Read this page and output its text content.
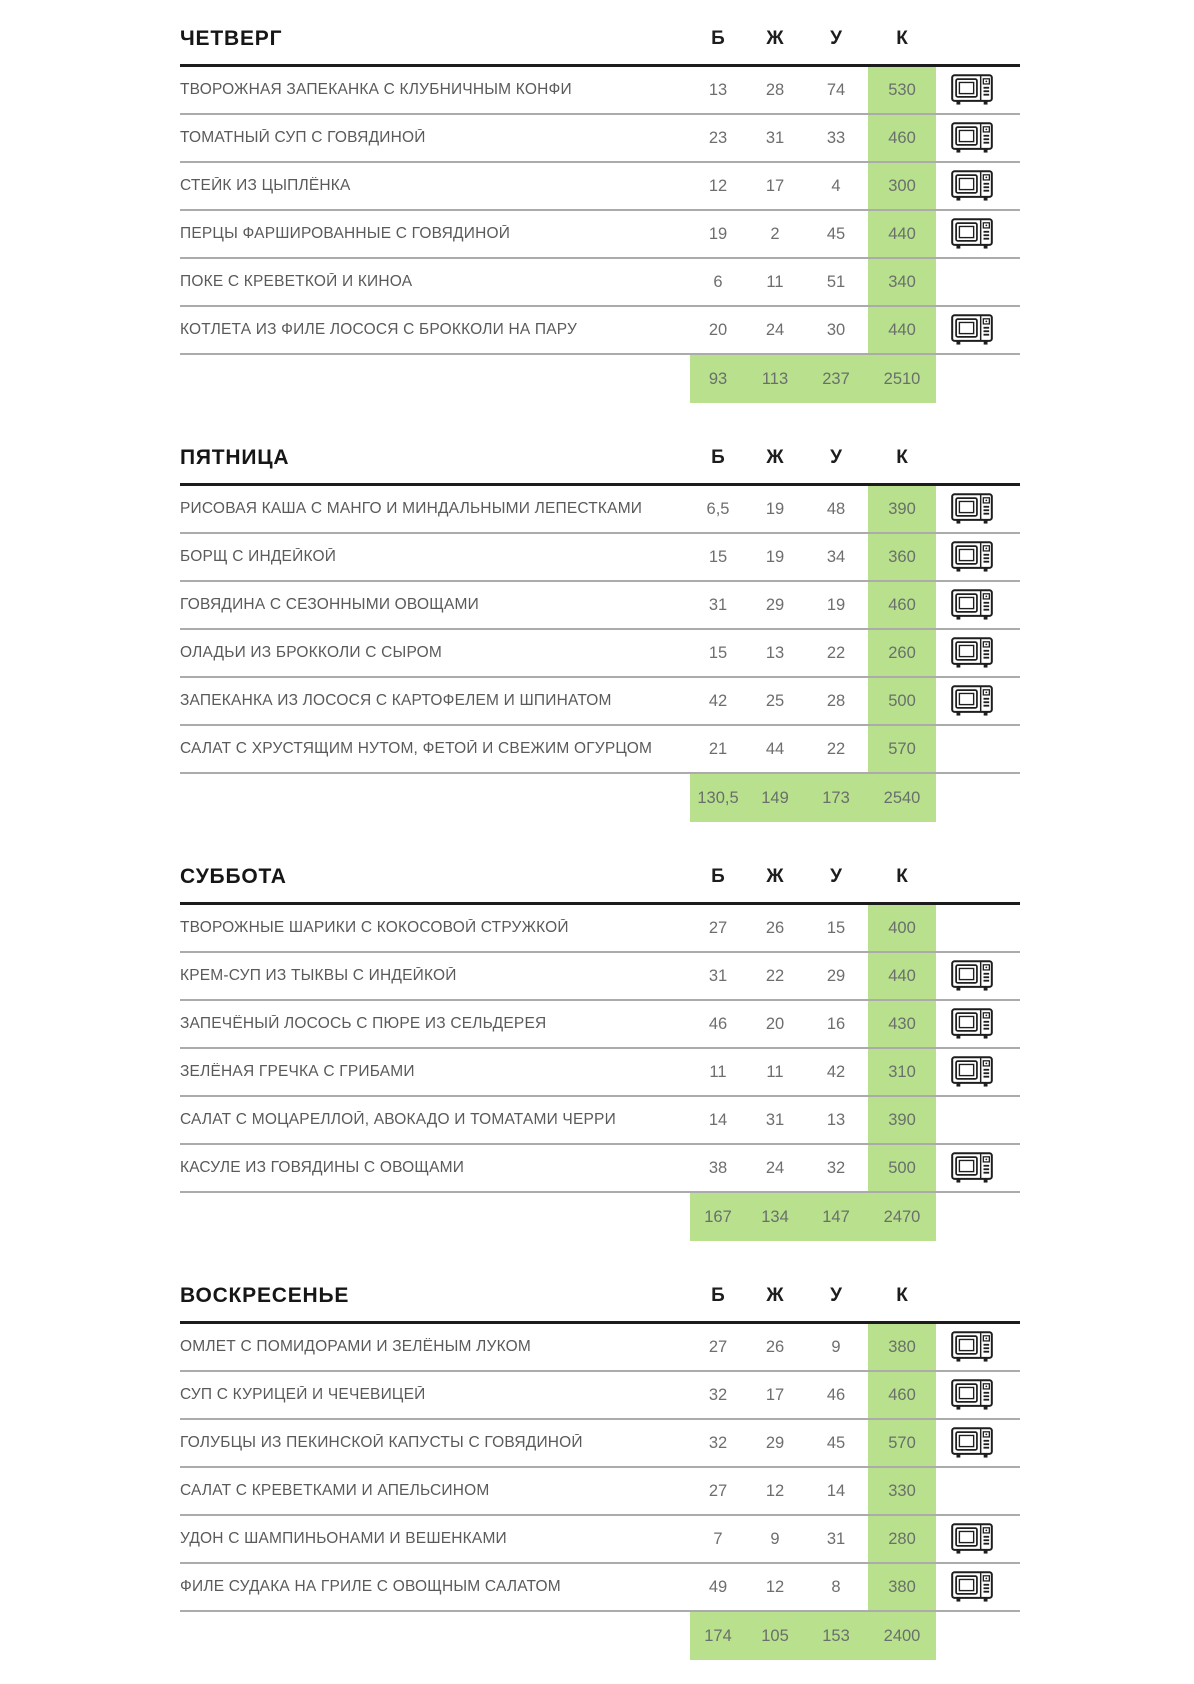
ЧЕТВЕРГ	Б	Ж	У	К
ТВОРОЖНАЯ ЗАПЕКАНКА С КЛУБНИЧНЫМ КОНФИ	13	28	74	530
ТОМАТНЫЙ СУП С ГОВЯДИНОЙ	23	31	33	460
СТЕЙК ИЗ ЦЫПЛЁНКА	12	17	4	300
ПЕРЦЫ ФАРШИРОВАННЫЕ С ГОВЯДИНОЙ	19	2	45	440
ПОКЕ С КРЕВЕТКОЙ И КИНОА	6	11	51	340
КОТЛЕТА ИЗ ФИЛЕ ЛОСОСЯ С БРОККОЛИ НА ПАРУ	20	24	30	440
93	113	237	2510
ПЯТНИЦА	Б	Ж	У	К
РИСОВАЯ КАША С МАНГО И МИНДАЛЬНЫМИ ЛЕПЕСТКАМИ	6,5	19	48	390
БОРЩ С ИНДЕЙКОЙ	15	19	34	360
ГОВЯДИНА С СЕЗОННЫМИ ОВОЩАМИ	31	29	19	460
ОЛАДЬИ ИЗ БРОККОЛИ С СЫРОМ	15	13	22	260
ЗАПЕКАНКА ИЗ ЛОСОСЯ С КАРТОФЕЛЕМ И ШПИНАТОМ	42	25	28	500
САЛАТ С ХРУСТЯЩИМ НУТОМ, ФЕТОЙ И СВЕЖИМ ОГУРЦОМ	21	44	22	570
130,5	149	173	2540
СУББОТА	Б	Ж	У	К
ТВОРОЖНЫЕ ШАРИКИ С КОКОСОВОЙ СТРУЖКОЙ	27	26	15	400
КРЕМ-СУП ИЗ ТЫКВЫ С ИНДЕЙКОЙ	31	22	29	440
ЗАПЕЧЁНЫЙ ЛОСОСЬ С ПЮРЕ ИЗ СЕЛЬДЕРЕЯ	46	20	16	430
ЗЕЛЁНАЯ ГРЕЧКА С ГРИБАМИ	11	11	42	310
САЛАТ С МОЦАРЕЛЛОЙ, АВОКАДО И ТОМАТАМИ ЧЕРРИ	14	31	13	390
КАСУЛЕ ИЗ ГОВЯДИНЫ С ОВОЩАМИ	38	24	32	500
167	134	147	2470
ВОСКРЕСЕНЬЕ	Б	Ж	У	К
ОМЛЕТ С ПОМИДОРАМИ И ЗЕЛЁНЫМ ЛУКОМ	27	26	9	380
СУП С КУРИЦЕЙ И ЧЕЧЕВИЦЕЙ	32	17	46	460
ГОЛУБЦЫ ИЗ ПЕКИНСКОЙ КАПУСТЫ С ГОВЯДИНОЙ	32	29	45	570
САЛАТ С КРЕВЕТКАМИ И АПЕЛЬСИНОМ	27	12	14	330
УДОН С ШАМПИНЬОНАМИ И ВЕШЕНКАМИ	7	9	31	280
ФИЛЕ СУДАКА НА ГРИЛЕ С ОВОЩНЫМ САЛАТОМ	49	12	8	380
174	105	153	2400
